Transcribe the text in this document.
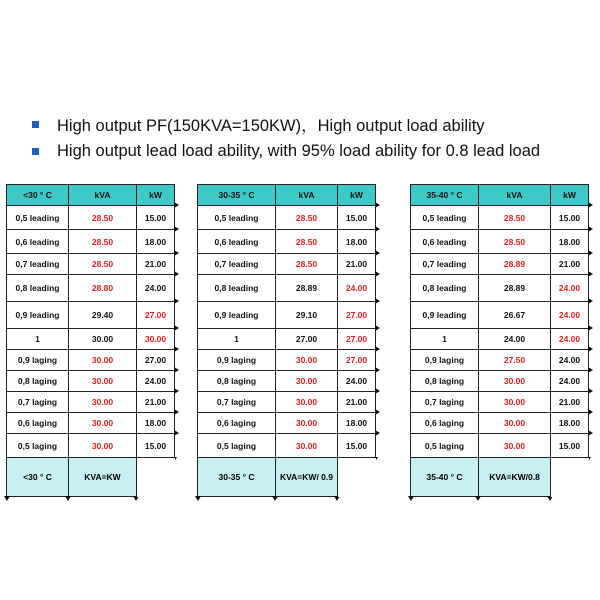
High output PF(150KVA=150KW)，High output load ability
High output lead load ability, with 95% load ability for 0.8 lead load
<30 ° C	kVA	kW
0,5 leading	28.50	15.00
0,6 leading	28.50	18.00
0,7 leading	28.50	21.00
0,8 leading	28.80	24.00
0,9 leading	29.40	27.00
1	30.00	30.00
0,9 laging	30.00	27.00
0,8 laging	30.00	24.00
0,7 laging	30.00	21.00
0,6 laging	30.00	18.00
0,5 laging	30.00	15.00
<30 ° C	KVA=KW	
30-35 ° C	kVA	kW
0,5 leading	28.50	15.00
0,6 leading	28.50	18.00
0,7 leading	28.50	21.00
0,8 leading	28.89	24.00
0,9 leading	29.10	27.00
1	27.00	27.00
0,9 laging	30.00	27.00
0,8 laging	30.00	24.00
0,7 laging	30.00	21.00
0,6 laging	30.00	18.00
0,5 laging	30.00	15.00
30-35 ° C	KVA=KW/ 0.9	
35-40 ° C	kVA	kW
0,5 leading	28.50	15.00
0,6 leading	28.50	18.00
0,7 leading	28.89	21.00
0,8 leading	28.89	24.00
0,9 leading	26.67	24.00
1	24.00	24.00
0,9 laging	27.50	24.00
0,8 laging	30.00	24.00
0,7 laging	30.00	21.00
0,6 laging	30.00	18.00
0,5 laging	30.00	15.00
35-40 ° C	KVA=KW/0.8	
